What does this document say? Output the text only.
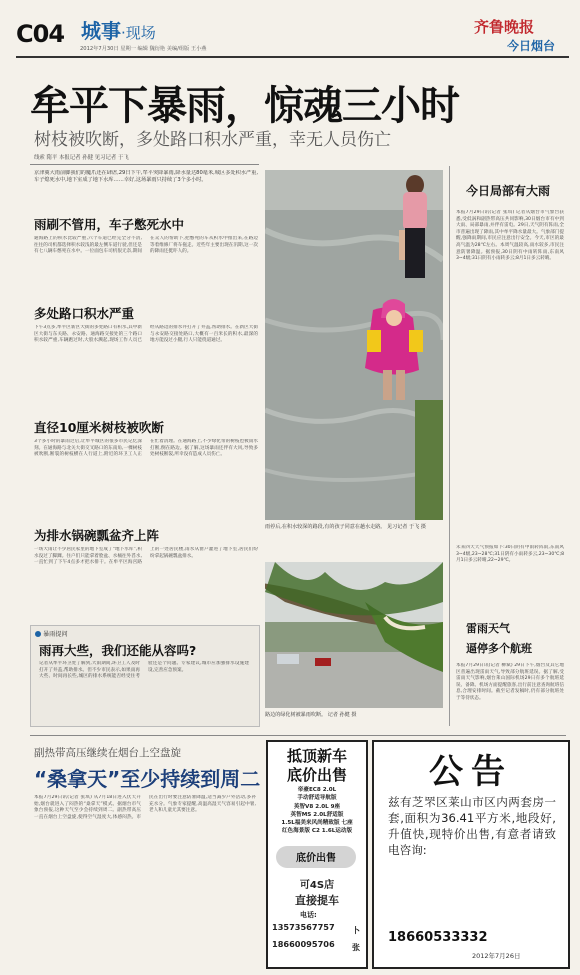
C04 城事·现场
2012年7月30日 星期一 编辑 魏衍艳 美编/组版 王小燕
齐鲁晚报
今日烟台
牟平下暴雨，惊魂三小时
树枝被吹断，多处路口积水严重，幸无人员伤亡
线索 隋平 本报记者 孙健 见习记者 于飞
京津冀大雨前脚我们的魔爪还在肆虐,29日下午,牟平突降暴雨,降水量达80毫米,城区多处积水严重,车子熄死水中,地下室成了地下水库……幸好,这场暴雨只持续了3个多小时。
雨刷不管用，车子憋死水中
通海路上的积水比较严重,六个车道已经完全分不清,往往的司机都选择积水较浅的最左侧车道行驶,但还是有七八辆车憋死在水中。一位面包车司机很无奈,期间在众人的帮助下,把憋死的车从积水中推出来,在路边等着维修厂将车拖走。近些年主要出现在汛期,这一次的降雨还挺吓人的。
多处路口积水严重
下午3点多,牟平区新区大街的多处路口有积水,其中新区大街与东关路、永安路、通海路交接处的三个路口积水较严重,车辆跑过时,大股水溅起,现场工作人员已经从路边的排水井打开了井盖,帮助排水。在新区大街与永安路交接处路口,大概有一百米长的积水,最深的地方能没过小腿,行人只能绕道通过。
直径10厘米树枝被吹断
3个多小时的暴雨过后,让牟平城区的很多市民记忆深刻。在通海路与北关大街交叉路口的东南角,一棵树枝被吹断,断裂的树枝横在人行道上,附近的环卫工人正在忙着清理。在通海路上,不少绿化带的树枝也被雨水打断,倒在路边。据了解,这场暴雨还伴有大风,导致多处树枝断裂,所幸没有造成人员伤亡。
为排水锅碗瓢盆齐上阵
一场大雨让不少居民家里的地下室成了“地下水库”,积水没过了脚踝。住户们只能拿着脸盆、水桶往外舀水,一直忙到了下午4点多才把水排干。在牟平区海宫路上的一处居民楼,雨水从窗户灌进了地下室,居民们纷纷拿起锅碗瓢盆排水。
雨停后,在积水较深的路段,有的孩子同意在趟水走路。 见习记者 于飞 摄
路边的绿化树被暴雨吹断。 记者 孙健 摄
暴雨提问
雨再大些，我们还能从容吗?
记者从牟平环卫处了解到,大雨期间,环卫工人及时打开了井盖,帮助排水。但不少市民表示,如果雨再大些、时间再长些,城区的排水系统能否经受住考验还是个问题。专家建议,城市应加强排水设施建设,完善应急预案。
今日局部有大雨
本报7月29日讯(记者 张琪) 记者从烟台市气象台获悉,受低涡和副热带高压共同影响,30日烟台市有中到大雨、局部暴雨,并伴有雷电。29日,天气阴有阵雨,全市普遍出现了降雨,其中牟平降水量最大。气象部门提醒,强降雨期间,市民应注意出行安全。今天,市区的最高气温为28℃左右。本周气温较高,雨水较多,市民注意防暑降温。据预报,30日阴有中雨转阵雨,东南风3~4级;31日阴有小雨转多云;8月1日多云转晴。
未来四天天气预报如下:30日阴有中雨转阵雨,东南风3~4级,23~28℃;31日阴有小雨转多云,23~30℃;8月1日多云转晴,22~29℃。
雷雨天气
逼停多个航班
本报7月29日讯(记者 柳斌) 29日下午,烟台及其它地区普遍出现雷雨天气,导致部分航班延误。据了解,受雷雨天气影响,烟台莱山国际机场29日有多个航班延误、备降。机场方面提醒旅客,出行前注意查询航班信息,合理安排时间。截至记者发稿时,仍有部分航班处于等待状态。
副热带高压继续在烟台上空盘旋
“桑拿天”至少持续到周二
本报7月29日讯(记者 张琪) 从7月18日进入伏天开始,烟台就进入了闷热的“桑拿天”模式。据烟台市气象台预报,这种天气至少会持续到周二。副热带高压一直在烟台上空盘旋,使得空气湿度大,体感闷热。市民在出行时要注意防暑降温,适当减少户外活动,多补充水分。气象专家提醒,高温高湿天气容易引起中暑,老人和儿童尤其要注意。
抵顶新车
底价出售
帝豪EC8 2.0L
手动舒适导航版
英智V8 2.0L 9座
英智MS 2.0L舒适版
1.5L福美来风尚精致版 七座
红色海景版 C2 1.6L运动版
底价出售
可4S店
直接提车
电话:
13573567757
18660095706
卜张
公告
兹有芝罘区莱山市区内两套房一套,面积为36.41平方米,地段好,升值快,现特价出售,有意者请致电咨询:
18660533332
2012年7月26日
